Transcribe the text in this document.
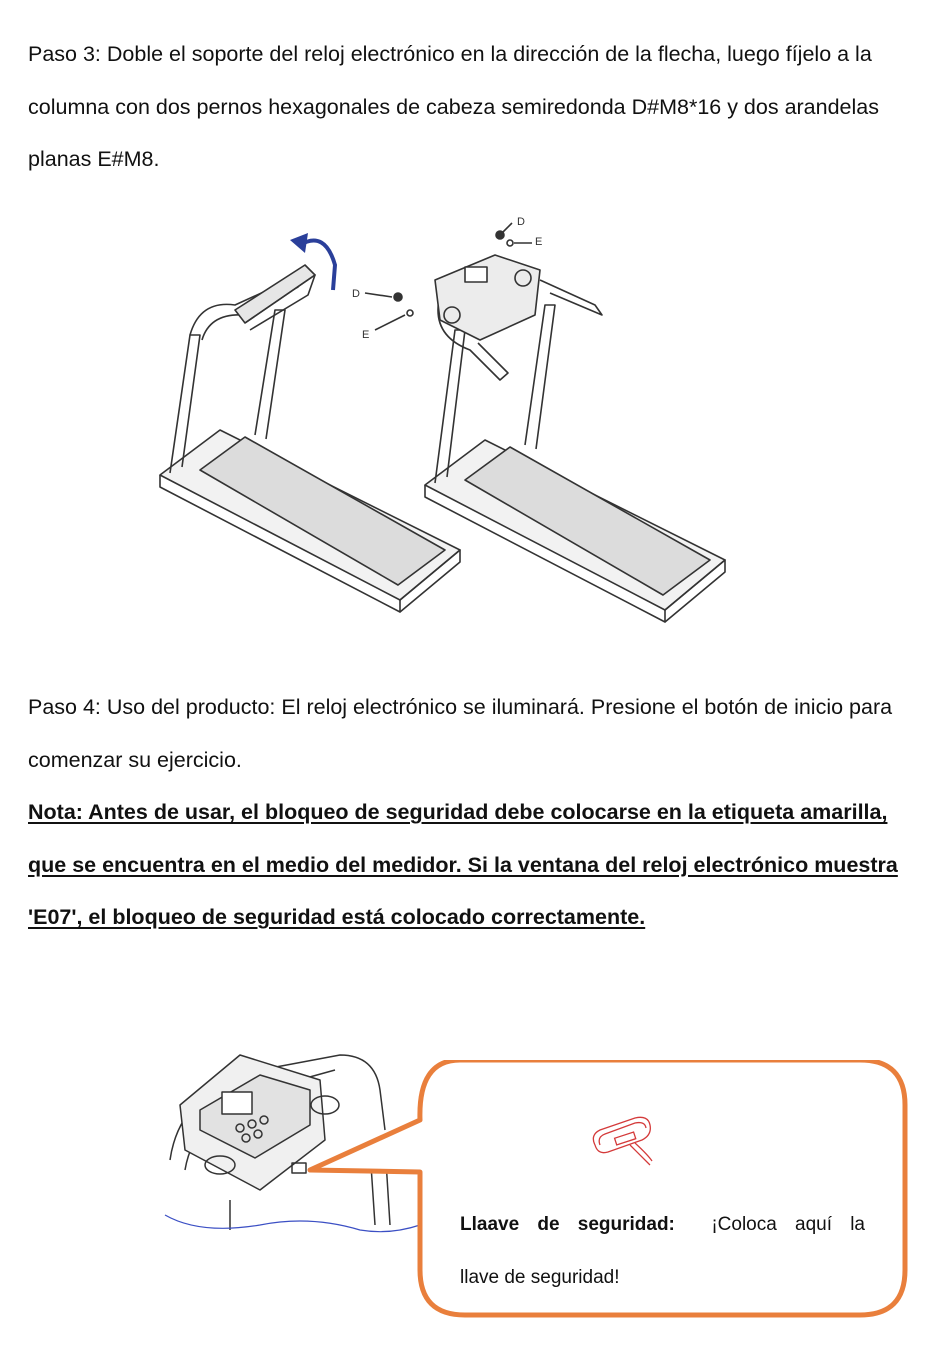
Paso 3: Doble el soporte del reloj electrónico en la dirección de la flecha, luego fíjelo a la columna con dos pernos hexagonales de cabeza semiredonda D#M8*16 y dos arandelas planas E#M8.

D
E
D
E

Paso 4: Uso del producto: El reloj electrónico se iluminará. Presione el botón de inicio para comenzar su ejercicio.

Nota: Antes de usar, el bloqueo de seguridad debe colocarse en la etiqueta amarilla, que se encuentra en el medio del medidor. Si la ventana del reloj electrónico muestra 'E07', el bloqueo de seguridad está colocado correctamente.

Llaave de seguridad: ¡Coloca aquí la
llave de seguridad!
